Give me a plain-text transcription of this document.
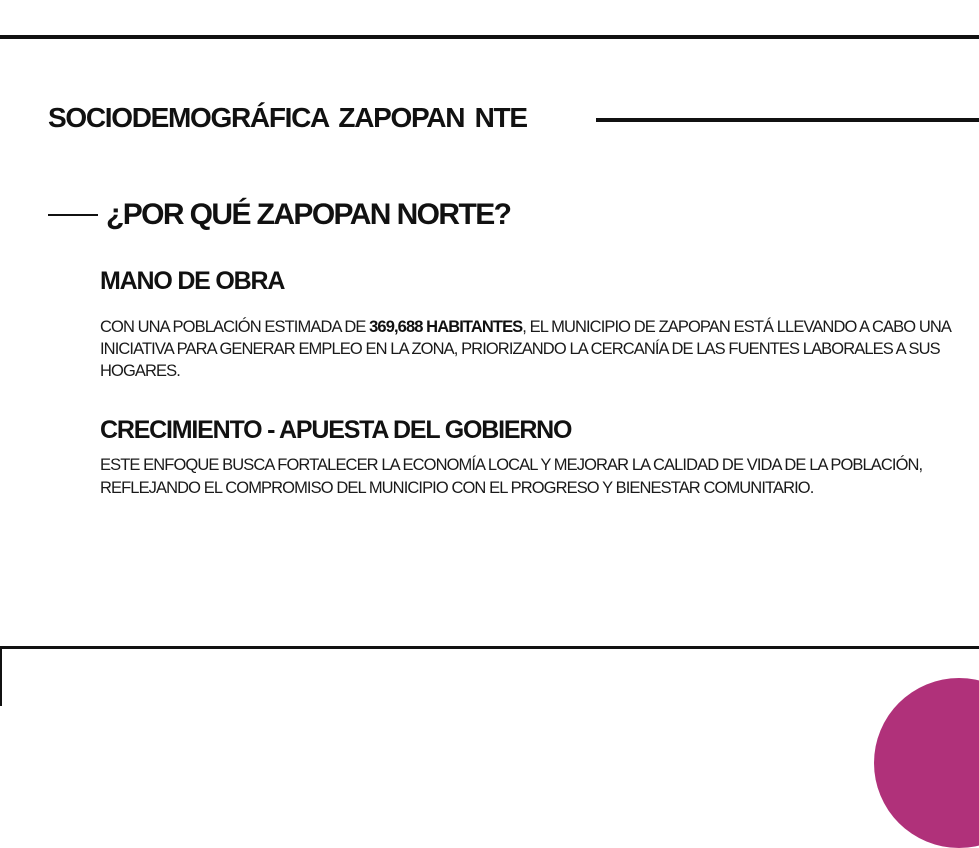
SOCIODEMOGRÁFICA ZAPOPAN NTE
¿POR QUÉ ZAPOPAN NORTE?
MANO DE OBRA
CON UNA POBLACIÓN ESTIMADA DE 369,688 HABITANTES, EL MUNICIPIO DE ZAPOPAN ESTÁ LLEVANDO A CABO UNA INICIATIVA PARA GENERAR EMPLEO EN LA ZONA, PRIORIZANDO LA CERCANÍA DE LAS FUENTES LABORALES A SUS HOGARES.
CRECIMIENTO - APUESTA DEL GOBIERNO
ESTE ENFOQUE BUSCA FORTALECER LA ECONOMÍA LOCAL Y MEJORAR LA CALIDAD DE VIDA DE LA POBLACIÓN, REFLEJANDO EL COMPROMISO DEL MUNICIPIO CON EL PROGRESO Y BIENESTAR COMUNITARIO.
